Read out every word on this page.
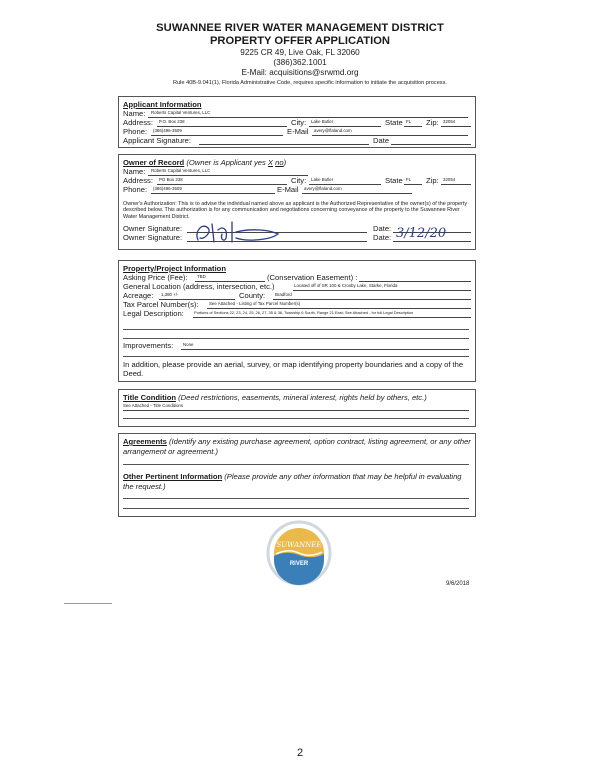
SUWANNEE RIVER WATER MANAGEMENT DISTRICT
PROPERTY OFFER APPLICATION
9225 CR 49, Live Oak, FL 32060
(386)362.1001
E-Mail: acquisitions@srwmd.org
Rule 40B-9.041(1), Florida Administrative Code, requires specific information to initiate the acquisition process.
Applicant Information
Name: Roberts Capital Ventures, LLC
Address: P.O. Box 238	City: Lake Butler	State FL Zip: 32054
Phone: (386)496-3509	E-Mail avery@flaland.com
Applicant Signature:	Date
Owner of Record (Owner is Applicant yes X no)
Name: Roberts Capital Ventures, LLC
Address: PO Box 238	City: Lake Butler	State FL Zip: 32054
Phone: (386)496-3509	E-Mail avery@flaland.com
Owner's Authorization: This is to advise the individual named above as applicant is the Authorized Representative of the owner(s) of the property described below. This authorization is for any communication and negotiations concerning conveyance of the property to the Suwannee River Water Management District.
Owner Signature:	Date:
Owner Signature:	Date: 3/12/20
Property/Project Information
Asking Price (Fee): TBD	(Conservation Easement) :
General Location (address, intersection, etc.)	Located off of SR 100 & Crosby Lake, Starke, Florida
Acreage: 1,380 +/-	County: Bradford
Tax Parcel Number(s): See Attached - Listing of Tax Parcel Number(s)
Legal Description:	Portions of Sections 22, 23, 24, 25, 26, 27, 35 & 36, Township 6 South, Range 21 East; See Attached - for full Legal Description
Improvements: None
In addition, please provide an aerial, survey, or map identifying property boundaries and a copy of the Deed.
Title Condition (Deed restrictions, easements, mineral interest, rights held by others, etc.)
See Attached - Title Conditions
Agreements (Identify any existing purchase agreement, option contract, listing agreement, or any other arrangement or agreement.)
Other Pertinent Information (Please provide any other information that may be helpful in evaluating the request.)
SUWANNEE
RIVER
WATER MANAGEMENT DISTRICT
9/6/2018
2
